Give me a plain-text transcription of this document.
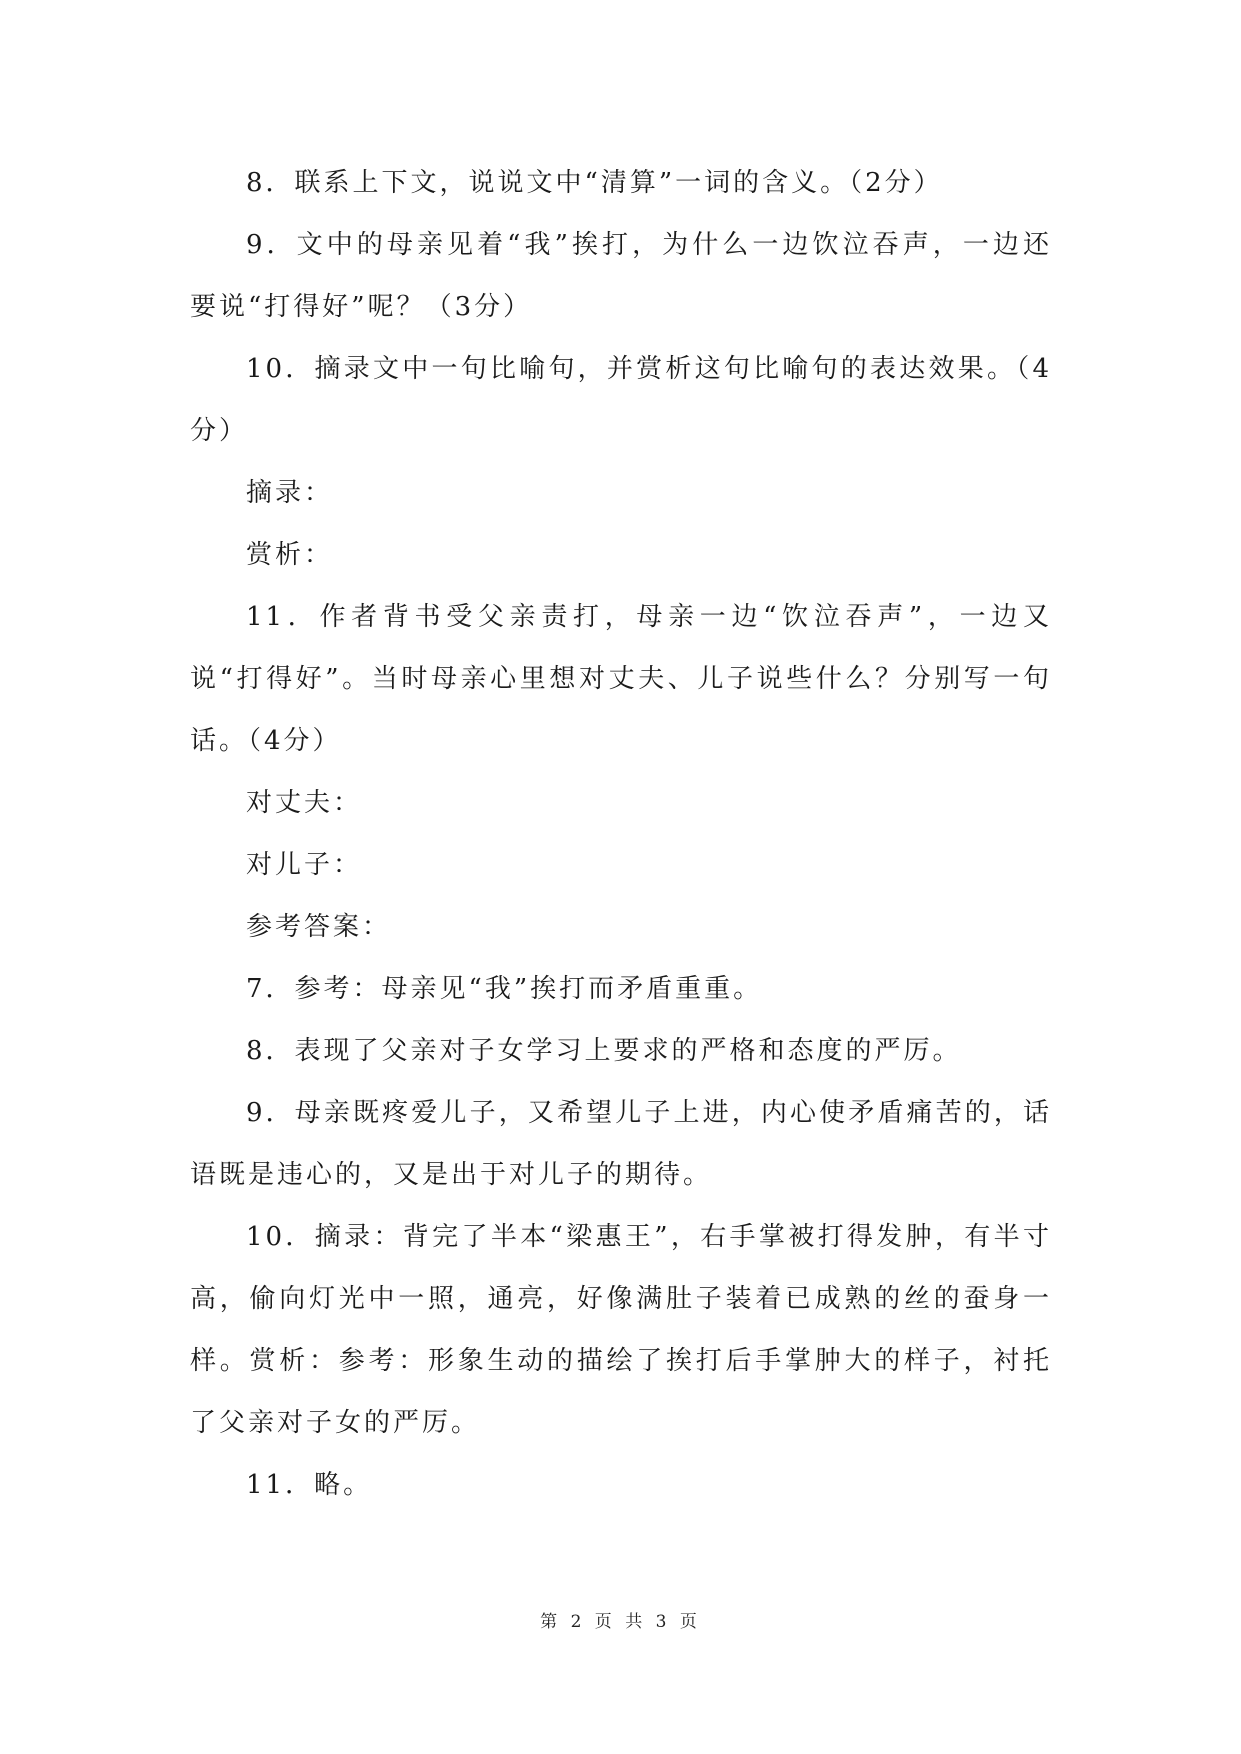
8．联系上下文，说说文中“清算”一词的含义。（2分）

9．文中的母亲见着“我”挨打，为什么一边饮泣吞声，一边还要说“打得好”呢？（3分）

10．摘录文中一句比喻句，并赏析这句比喻句的表达效果。（4分）

摘录：

赏析：

11．作者背书受父亲责打，母亲一边“饮泣吞声”，一边又说“打得好”。当时母亲心里想对丈夫、儿子说些什么？分别写一句话。（4分）

对丈夫：

对儿子：

参考答案：

7．参考：母亲见“我”挨打而矛盾重重。

8．表现了父亲对子女学习上要求的严格和态度的严厉。

9．母亲既疼爱儿子，又希望儿子上进，内心使矛盾痛苦的，话语既是违心的，又是出于对儿子的期待。

10．摘录：背完了半本“梁惠王”，右手掌被打得发肿，有半寸高，偷向灯光中一照，通亮，好像满肚子装着已成熟的丝的蚕身一样。赏析：参考：形象生动的描绘了挨打后手掌肿大的样子，衬托了父亲对子女的严厉。

11．略。

第 2 页 共 3 页
